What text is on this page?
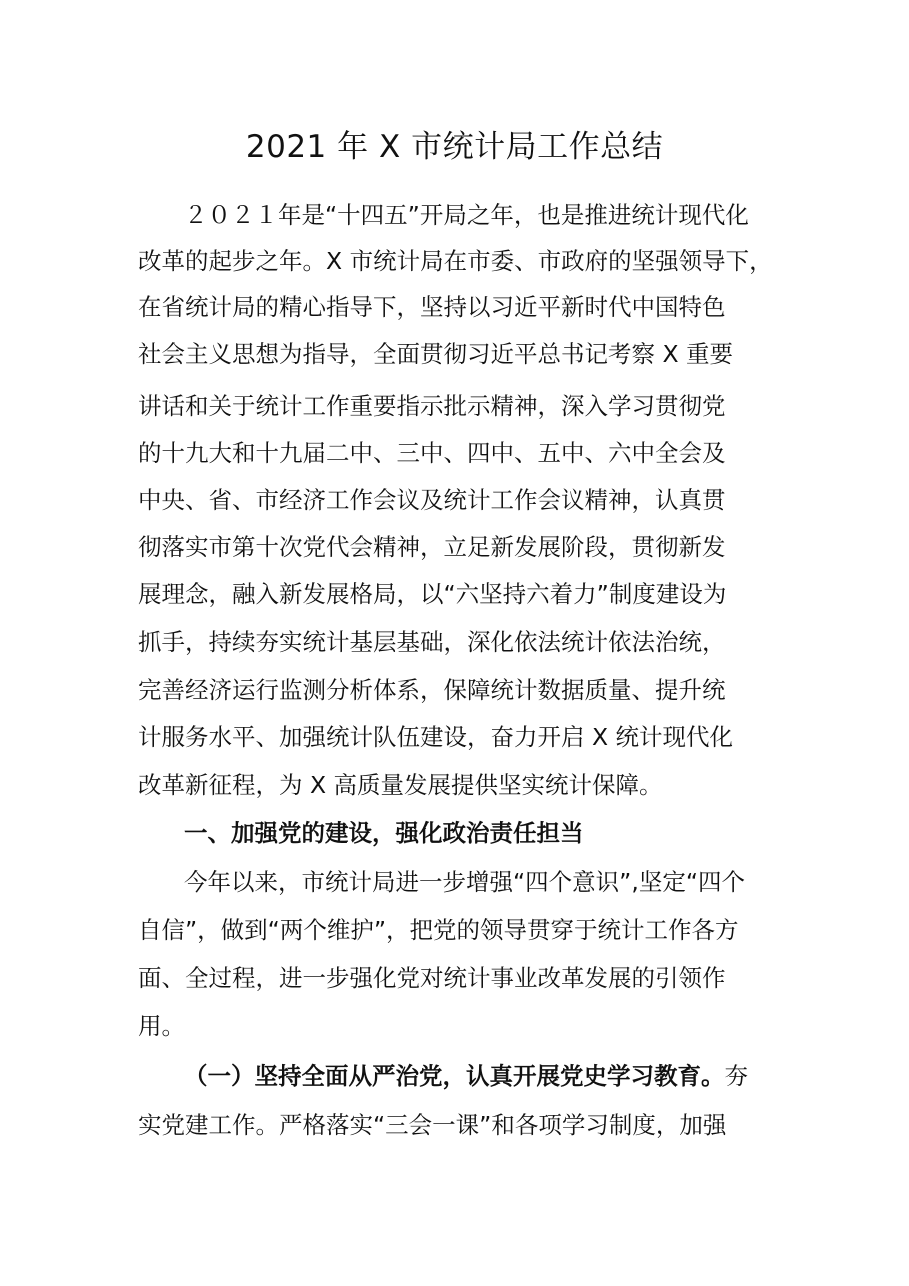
2021 年 X 市统计局工作总结
２０２１年是“十四五”开局之年，也是推进统计现代化
改革的起步之年。X 市统计局在市委、市政府的坚强领导下，
在省统计局的精心指导下，坚持以习近平新时代中国特色
社会主义思想为指导，全面贯彻习近平总书记考察 X 重要
讲话和关于统计工作重要指示批示精神，深入学习贯彻党
的十九大和十九届二中、三中、四中、五中、六中全会及
中央、省、市经济工作会议及统计工作会议精神，认真贯
彻落实市第十次党代会精神，立足新发展阶段，贯彻新发
展理念，融入新发展格局，以“六坚持六着力”制度建设为
抓手，持续夯实统计基层基础，深化依法统计依法治统，
完善经济运行监测分析体系，保障统计数据质量、提升统
计服务水平、加强统计队伍建设，奋力开启 X 统计现代化
改革新征程，为 X 高质量发展提供坚实统计保障。
一、加强党的建设，强化政治责任担当
今年以来，市统计局进一步增强“四个意识”,坚定“四个
自信”，做到“两个维护”，把党的领导贯穿于统计工作各方
面、全过程，进一步强化党对统计事业改革发展的引领作
用。
（一）坚持全面从严治党，认真开展党史学习教育。夯
实党建工作。严格落实“三会一课”和各项学习制度，加强
